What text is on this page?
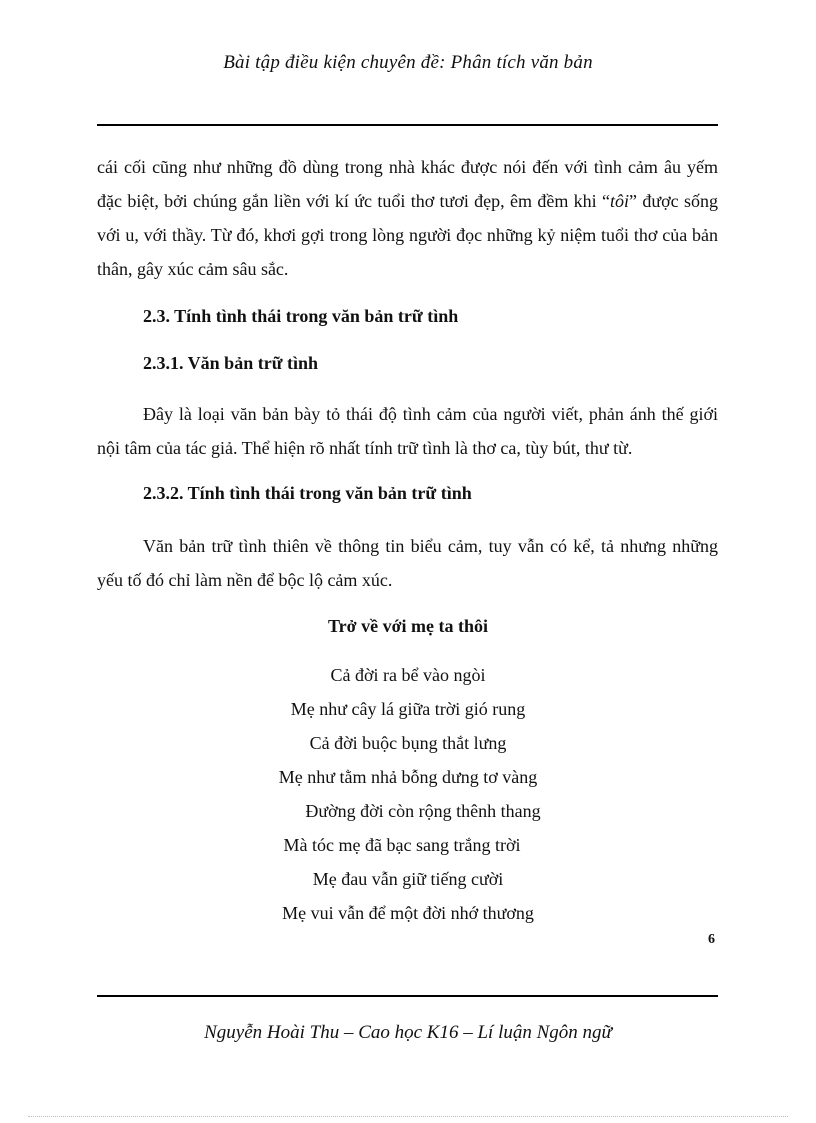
Bài tập điều kiện chuyên đề: Phân tích văn bản
cái cối cũng như những đồ dùng trong nhà khác được nói đến với tình cảm âu yếm đặc biệt, bởi chúng gắn liền với kí ức tuổi thơ tươi đẹp, êm đềm khi “tôi” được sống với u, với thầy. Từ đó, khơi gợi trong lòng người đọc những kỷ niệm tuổi thơ của bản thân, gây xúc cảm sâu sắc.
2.3. Tính tình thái trong văn bản trữ tình
2.3.1. Văn bản trữ tình
Đây là loại văn bản bày tỏ thái độ tình cảm của người viết, phản ánh thế giới nội tâm của tác giả. Thể hiện rõ nhất tính trữ tình là thơ ca, tùy bút, thư từ.
2.3.2. Tính tình thái trong văn bản trữ tình
Văn bản trữ tình thiên về thông tin biểu cảm, tuy vẫn có kể, tả nhưng những yếu tố đó chỉ làm nền để bộc lộ cảm xúc.
Trở về với mẹ ta thôi
Cả đời ra bể vào ngòi
Mẹ như cây lá giữa trời gió rung
Cả đời buộc bụng thắt lưng
Mẹ như tằm nhả bỗng dưng tơ vàng
Đường đời còn rộng thênh thang
Mà tóc mẹ đã bạc sang trắng trời
Mẹ đau vẫn giữ tiếng cười
Mẹ vui vẫn để một đời nhớ thương
6
Nguyễn Hoài Thu – Cao học K16 – Lí luận Ngôn ngữ
